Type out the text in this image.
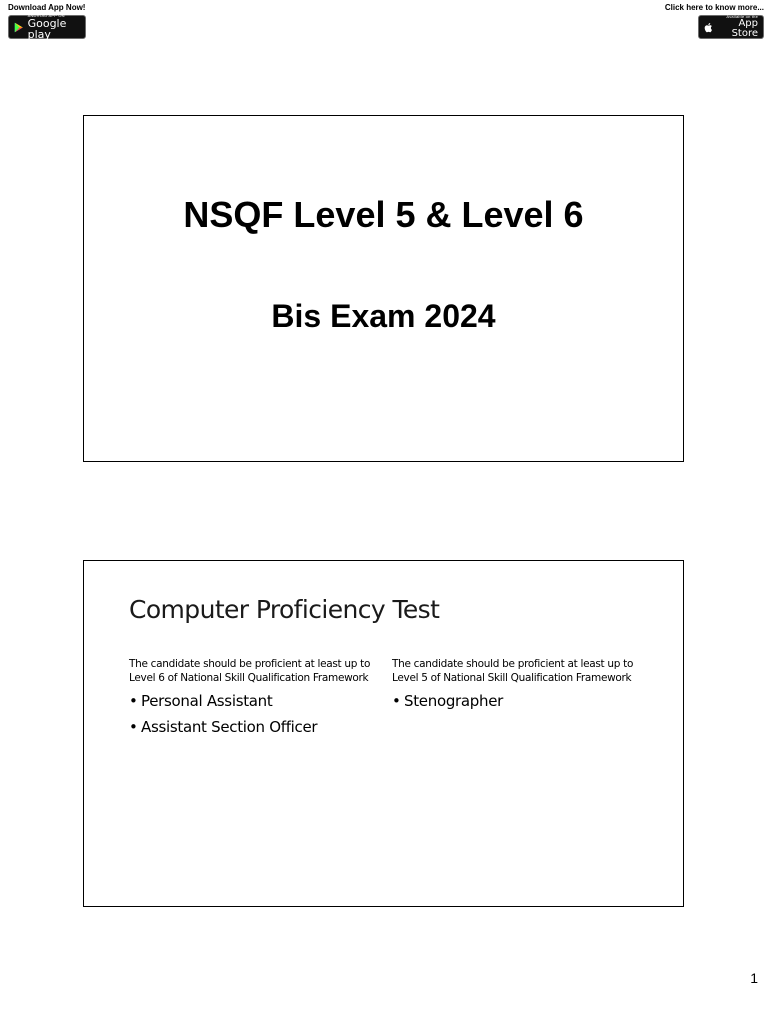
Download App Now!
ANDROID APP ON
Google play
Click here to know more...
Available on the
App Store
NSQF Level 5 & Level 6
Bis Exam 2024
Computer Proficiency Test
The candidate should be proficient at least up to Level 6 of National Skill Qualification Framework
• Personal Assistant
• Assistant Section Officer
The candidate should be proficient at least up to Level 5 of National Skill Qualification Framework
• Stenographer
1
